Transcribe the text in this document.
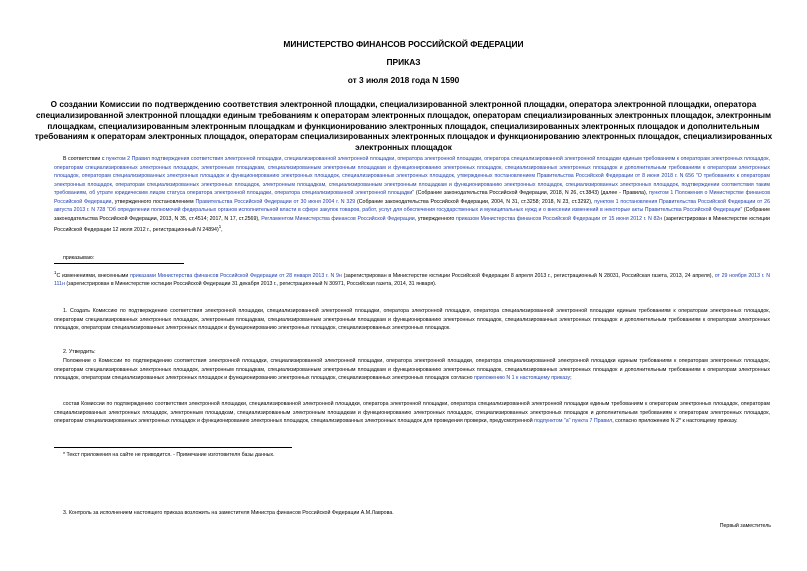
МИНИСТЕРСТВО ФИНАНСОВ РОССИЙСКОЙ ФЕДЕРАЦИИ
ПРИКАЗ
от 3 июля 2018 года N 1590
О создании Комиссии по подтверждению соответствия электронной площадки, специализированной электронной площадки, оператора электронной площадки, оператора специализированной электронной площадки единым требованиям к операторам электронных площадок, операторам специализированных электронных площадок, электронным площадкам, специализированным электронным площадкам и функционированию электронных площадок, специализированных электронных площадок и дополнительным требованиям к операторам электронных площадок, операторам специализированных электронных площадок и функционированию электронных площадок, специализированных электронных площадок
В соответствии с пунктом 2 Правил подтверждения соответствия электронной площадки, специализированной электронной площадки, оператора электронной площадки, оператора специализированной электронной площадки единым требованиям к операторам электронных площадок, операторам специализированных электронных площадок, электронным площадкам, специализированным электронным площадкам и функционированию электронных площадок, специализированных электронных площадок и дополнительным требованиям к операторам электронных площадок, операторам специализированных электронных площадок и функционированию электронных площадок, специализированных электронных площадок, утвержденных постановлением Правительства Российской Федерации от 8 июня 2018 г. N 656 "О требованиях к операторам электронных площадок, операторам специализированных электронных площадок, электронным площадкам, специализированным электронным площадкам и функционированию электронных площадок, специализированных электронных площадок, подтверждении соответствия таким требованиям, об утрате юридическим лицом статуса оператора электронной площадки, оператора специализированной электронной площадки" (Собрание законодательства Российской Федерации, 2018, N 26, ст.3843) (далее - Правила), пунктом 1 Положения о Министерстве финансов Российской Федерации, утвержденного постановлением Правительства Российской Федерации от 30 июня 2004 г. N 329 (Собрание законодательства Российской Федерации, 2004, N 31, ст.3258; 2018, N 23, ст.3292), пунктом 1 постановления Правительства Российской Федерации от 26 августа 2013 г. N 728 "Об определении полномочий федеральных органов исполнительной власти в сфере закупок товаров, работ, услуг для обеспечения государственных и муниципальных нужд и о внесении изменений в некоторые акты Правительства Российской Федерации" (Собрание законодательства Российской Федерации, 2013, N 35, ст.4514; 2017, N 17, ст.2569), Регламентом Министерства финансов Российской Федерации, утвержденного приказом Министерства финансов Российской Федерации от 15 июня 2012 г. N 82н (зарегистрирован в Министерстве юстиции Российской Федерации 12 июля 2012 г., регистрационный N 24894)$^1$,
приказываю:
$^1$С изменениями, внесенными приказами Министерства финансов Российской Федерации от 28 января 2013 г. N 9н (зарегистрирован в Министерстве юстиции Российской Федерации 8 апреля 2013 г., регистрационный N 28031, Российская газета, 2013, 24 апреля), от 29 ноября 2013 г. N 111н (зарегистрирован в Министерстве юстиции Российской Федерации 31 декабря 2013 г., регистрационный N 30971, Российская газета, 2014, 31 января).
1. Создать Комиссию по подтверждению соответствия электронной площадки, специализированной электронной площадки, оператора электронной площадки, оператора специализированной электронной площадки единым требованиям к операторам электронных площадок, операторам специализированных электронных площадок, электронным площадкам, специализированным электронным площадкам и функционированию электронных площадок, специализированных электронных площадок и дополнительным требованиям к операторам электронных площадок, операторам специализированных электронных площадок и функционированию электронных площадок, специализированных электронных площадок.
2. Утвердить:
Положение о Комиссии по подтверждению соответствия электронной площадки, специализированной электронной площадки, оператора электронной площадки, оператора специализированной электронной площадки единым требованиям к операторам электронных площадок, операторам специализированных электронных площадок, электронным площадкам, специализированным электронным площадкам и функционированию электронных площадок, специализированных электронных площадок и дополнительным требованиям к операторам электронных площадок, операторам специализированных электронных площадок и функционированию электронных площадок, специализированных электронных площадок согласно приложению N 1 к настоящему приказу;
состав Комиссии по подтверждению соответствия электронной площадки, специализированной электронной площадки, оператора электронной площадки, оператора специализированной электронной площадки единым требованиям к операторам электронных площадок, операторам специализированных электронных площадок, электронным площадкам, специализированным электронным площадкам и функционированию электронных площадок, специализированных электронных площадок и дополнительным требованиям к операторам электронных площадок, операторам специализированных электронных площадок и функционированию электронных площадок, специализированных электронных площадок для проведения проверки, предусмотренной подпунктом "а" пункта 7 Правил, согласно приложению N 2* к настоящему приказу.
* Текст приложения на сайте не приводится. - Примечание изготовителя базы данных.
3. Контроль за исполнением настоящего приказа возложить на заместителя Министра финансов Российской Федерации А.М.Лаврова.
Первый заместитель
